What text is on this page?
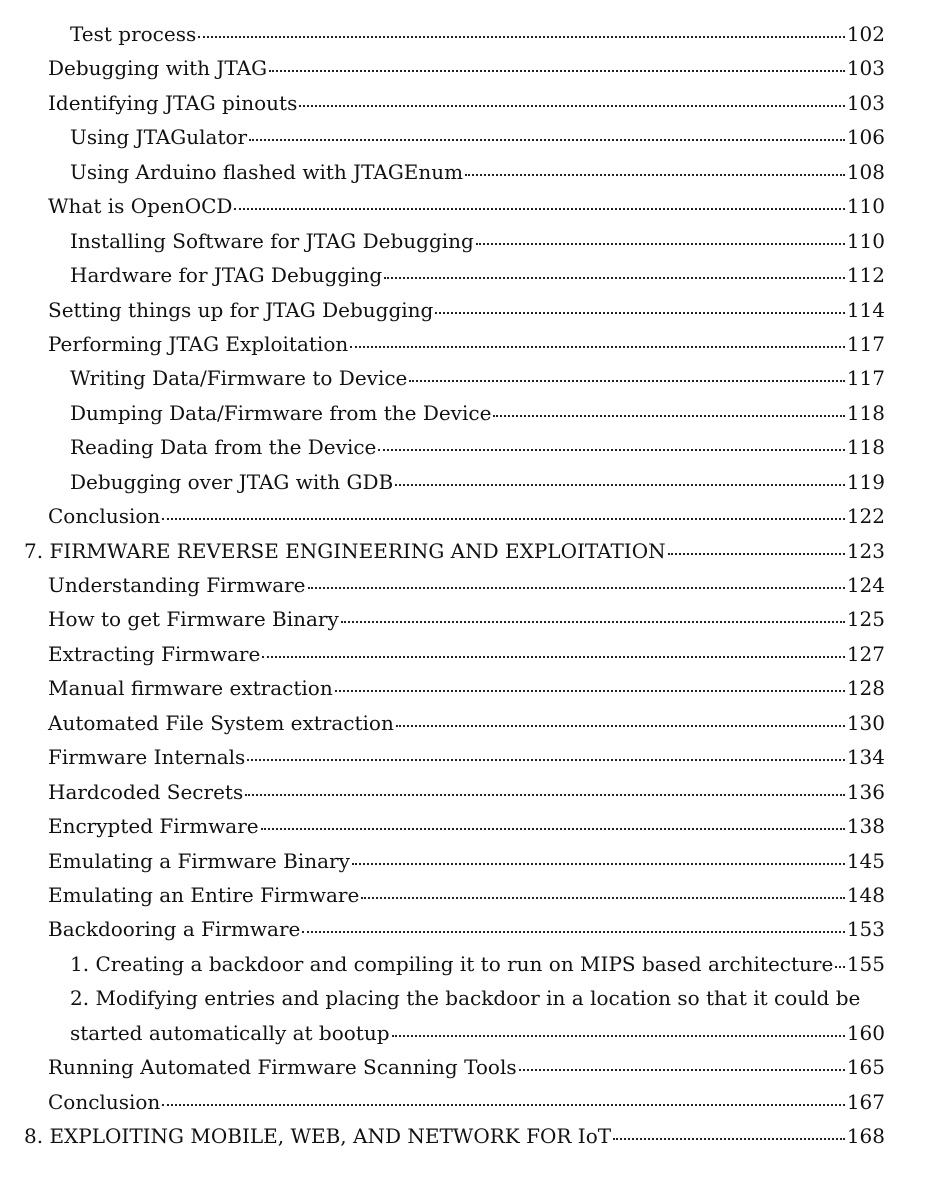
Test process	102
Debugging with JTAG	103
Identifying JTAG pinouts	103
Using JTAGulator	106
Using Arduino flashed with JTAGEnum	108
What is OpenOCD	110
Installing Software for JTAG Debugging	110
Hardware for JTAG Debugging	112
Setting things up for JTAG Debugging	114
Performing JTAG Exploitation	117
Writing Data/Firmware to Device	117
Dumping Data/Firmware from the Device	118
Reading Data from the Device	118
Debugging over JTAG with GDB	119
Conclusion	122
7. FIRMWARE REVERSE ENGINEERING AND EXPLOITATION	123
Understanding Firmware	124
How to get Firmware Binary	125
Extracting Firmware	127
Manual firmware extraction	128
Automated File System extraction	130
Firmware Internals	134
Hardcoded Secrets	136
Encrypted Firmware	138
Emulating a Firmware Binary	145
Emulating an Entire Firmware	148
Backdooring a Firmware	153
1. Creating a backdoor and compiling it to run on MIPS based architecture 155
2. Modifying entries and placing the backdoor in a location so that it could be
started automatically at bootup	160
Running Automated Firmware Scanning Tools	165
Conclusion	167
8. EXPLOITING MOBILE, WEB, AND NETWORK FOR IoT	168
